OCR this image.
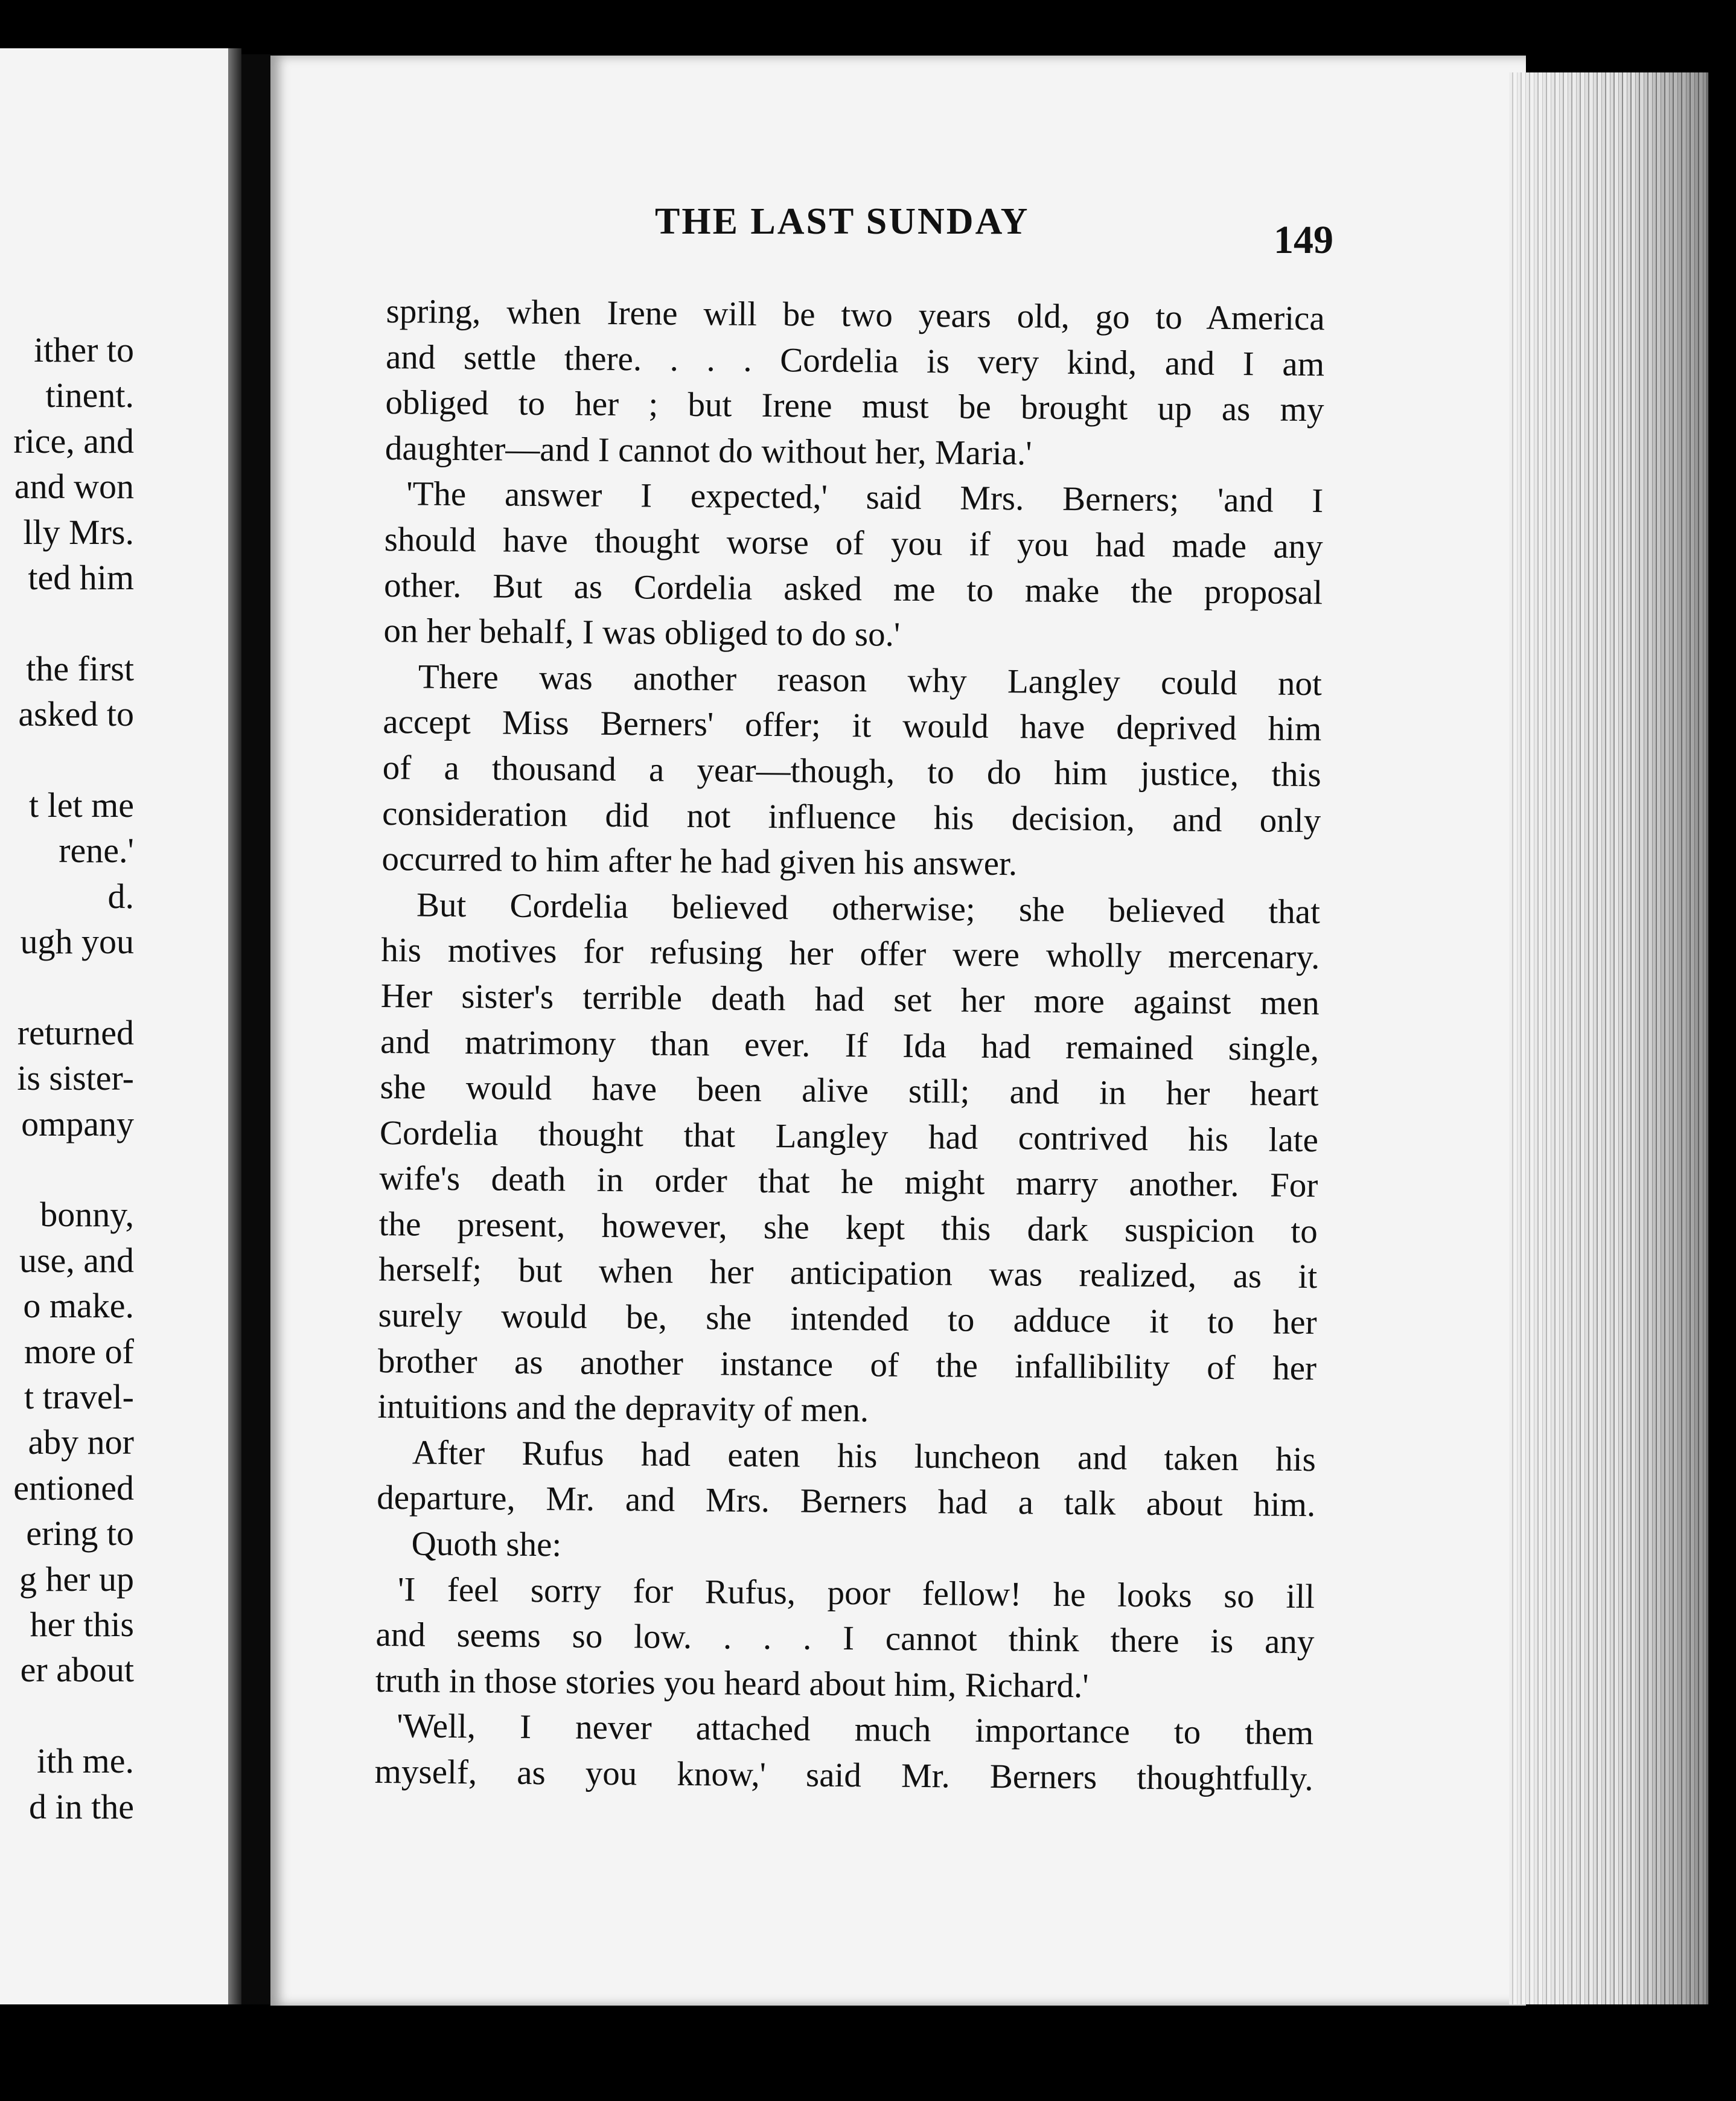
ither to
tinent.
rice, and
and won
lly Mrs.
ted him
the first
asked to
t let me
rene.'
d.
ugh you
returned
is sister-
ompany
bonny,
use, and
o make.
more of
t travel-
aby nor
entioned
ering to
g her up
her this
er about
ith me.
d in the
THE LAST SUNDAY	149
spring, when Irene will be two years old, go to America
and settle there. . . . Cordelia is very kind, and I am
obliged to her ; but Irene must be brought up as my
daughter—and I cannot do without her, Maria.'
'The answer I expected,' said Mrs. Berners; 'and I
should have thought worse of you if you had made any
other. But as Cordelia asked me to make the proposal
on her behalf, I was obliged to do so.'
There was another reason why Langley could not
accept Miss Berners' offer; it would have deprived him
of a thousand a year—though, to do him justice, this
consideration did not influence his decision, and only
occurred to him after he had given his answer.
But Cordelia believed otherwise; she believed that
his motives for refusing her offer were wholly mercenary.
Her sister's terrible death had set her more against men
and matrimony than ever. If Ida had remained single,
she would have been alive still; and in her heart
Cordelia thought that Langley had contrived his late
wife's death in order that he might marry another. For
the present, however, she kept this dark suspicion to
herself; but when her anticipation was realized, as it
surely would be, she intended to adduce it to her
brother as another instance of the infallibility of her
intuitions and the depravity of men.
After Rufus had eaten his luncheon and taken his
departure, Mr. and Mrs. Berners had a talk about him.
Quoth she:
'I feel sorry for Rufus, poor fellow! he looks so ill
and seems so low. . . . I cannot think there is any
truth in those stories you heard about him, Richard.'
'Well, I never attached much importance to them
myself, as you know,' said Mr. Berners thoughtfully.
